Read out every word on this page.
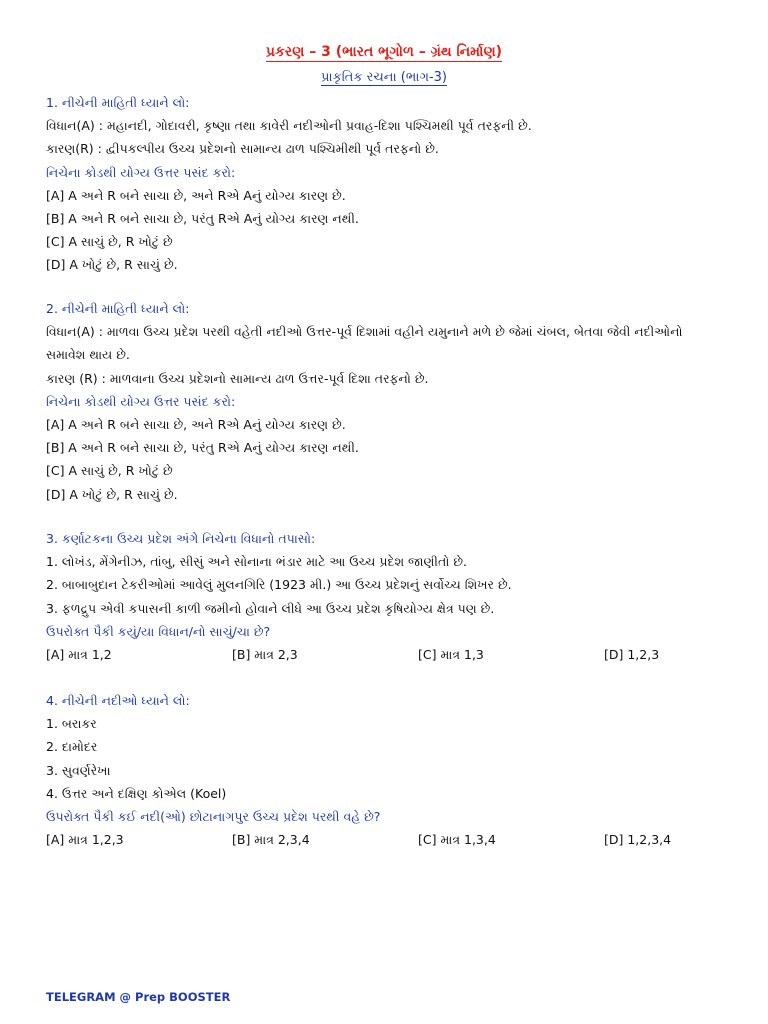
પ્રકરણ – 3 (ભારત ભૂગોળ – ગ્રંથ નિર્માણ)
પ્રાકૃતિક રચના (ભાગ-3)
1. નીચેની માહિતી ધ્યાને લો:
વિધાન(A) : મહાનદી, ગોદાવરી, કૃષ્ણા તથા કાવેરી નદીઓની પ્રવાહ-દિશા પશ્ચિમથી પૂર્વ તરફની છે.
કારણ(R) : દ્વીપકલ્પીય ઉચ્ચ પ્રદેશનો સામાન્ય ઢાળ પશ્ચિમીથી પૂર્વ તરફનો છે.
નિચેના કોડથી યોગ્ય ઉત્તર પસંદ કરો:
[A] A અને R બને સાચા છે, અને Rએ Aનું યોગ્ય કારણ છે.
[B] A અને R બને સાચા છે, પરંતુ Rએ Aનું યોગ્ય કારણ નથી.
[C] A સાચું છે, R ખોટું છે
[D] A ખોટું છે, R સાચું છે.
2. નીચેની માહિતી ધ્યાને લો:
વિધાન(A) : માળવા ઉચ્ચ પ્રદેશ પરથી વહેતી નદીઓ ઉત્તર-પૂર્વ દિશામાં વહીને યમુનાને મળે છે જેમાં ચંબલ, બેતવા જેવી નદીઓનો
સમાવેશ થાય છે.
કારણ (R) : માળવાના ઉચ્ચ પ્રદેશનો સામાન્ય ઢાળ ઉત્તર-પૂર્વ દિશા તરફનો છે.
નિચેના કોડથી યોગ્ય ઉત્તર પસંદ કરો:
[A] A અને R બને સાચા છે, અને Rએ Aનું યોગ્ય કારણ છે.
[B] A અને R બને સાચા છે, પરંતુ Rએ Aનું યોગ્ય કારણ નથી.
[C] A સાચું છે, R ખોટું છે
[D] A ખોટું છે, R સાચું છે.
3. કર્ણાટકના ઉચ્ચ પ્રદેશ અંગે નિચેના વિધાનો તપાસો:
1. લોખંડ, મેંગેનીઝ, તાંબુ, સીસું અને સોનાના ભંડાર માટે આ ઉચ્ચ પ્રદેશ જાણીતો છે.
2. બાબાબુદાન ટેકરીઓમાં આવેલું મુલનગિરિ (1923 મી.) આ ઉચ્ચ પ્રદેશનું સર્વોચ્ચ શિખર છે.
3. ફળદ્રુપ એવી કપાસની કાળી જમીનો હોવાને લીધે આ ઉચ્ચ પ્રદેશ કૃષિયોગ્ય ક્ષેત્ર પણ છે.
ઉપરોક્ત પૈકી કયું/યા વિધાન/નો સાચું/ચા છે?
[A] માત્ર 1,2	[B] માત્ર 2,3	[C] માત્ર 1,3	[D] 1,2,3
4. નીચેની નદીઓ ધ્યાને લો:
1. બરાકર
2. દામોદર
3. સુવર્ણરેખા
4. ઉત્તર અને દક્ષિણ કોએલ (Koel)
ઉપરોક્ત પૈકી કઈ નદી(ઓ) છોટાનાગપુર ઉચ્ચ પ્રદેશ પરથી વહે છે?
[A] માત્ર 1,2,3	[B] માત્ર 2,3,4	[C] માત્ર 1,3,4	[D] 1,2,3,4
TELEGRAM @ Prep BOOSTER
